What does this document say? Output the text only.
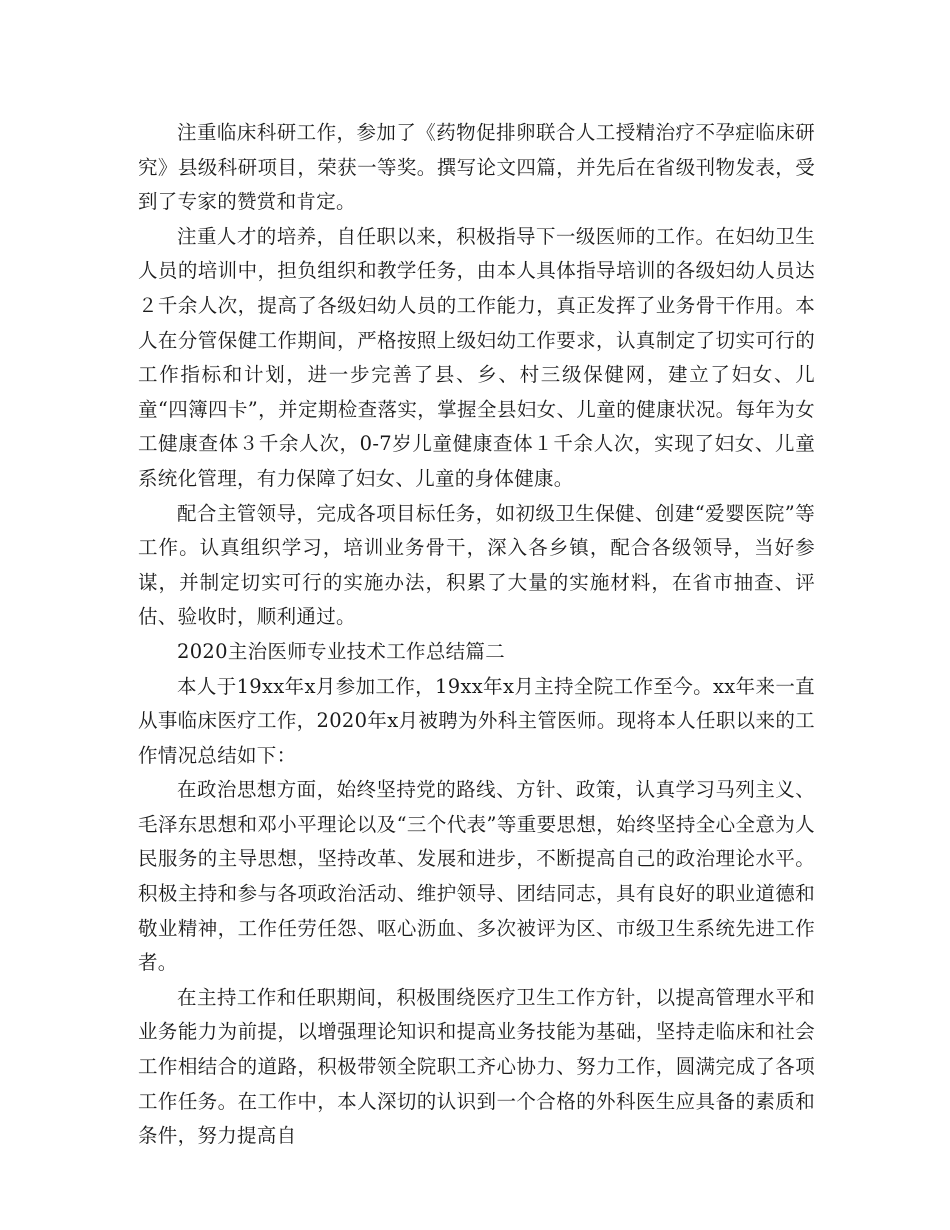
注重临床科研工作，参加了《药物促排卵联合人工授精治疗不孕症临床研究》县级科研项目，荣获一等奖。撰写论文四篇，并先后在省级刊物发表，受到了专家的赞赏和肯定。

注重人才的培养，自任职以来，积极指导下一级医师的工作。在妇幼卫生人员的培训中，担负组织和教学任务，由本人具体指导培训的各级妇幼人员达２千余人次，提高了各级妇幼人员的工作能力，真正发挥了业务骨干作用。本人在分管保健工作期间，严格按照上级妇幼工作要求，认真制定了切实可行的工作指标和计划，进一步完善了县、乡、村三级保健网，建立了妇女、儿童“四簿四卡”，并定期检查落实，掌握全县妇女、儿童的健康状况。每年为女工健康查体３千余人次，0-7岁儿童健康查体１千余人次，实现了妇女、儿童系统化管理，有力保障了妇女、儿童的身体健康。

配合主管领导，完成各项目标任务，如初级卫生保健、创建“爱婴医院”等工作。认真组织学习，培训业务骨干，深入各乡镇，配合各级领导，当好参谋，并制定切实可行的实施办法，积累了大量的实施材料，在省市抽查、评估、验收时，顺利通过。

2020主治医师专业技术工作总结篇二

本人于19xx年x月参加工作，19xx年x月主持全院工作至今。xx年来一直从事临床医疗工作，2020年x月被聘为外科主管医师。现将本人任职以来的工作情况总结如下：

在政治思想方面，始终坚持党的路线、方针、政策，认真学习马列主义、毛泽东思想和邓小平理论以及“三个代表”等重要思想，始终坚持全心全意为人民服务的主导思想，坚持改革、发展和进步，不断提高自己的政治理论水平。积极主持和参与各项政治活动、维护领导、团结同志，具有良好的职业道德和敬业精神，工作任劳任怨、呕心沥血、多次被评为区、市级卫生系统先进工作者。

在主持工作和任职期间，积极围绕医疗卫生工作方针，以提高管理水平和业务能力为前提，以增强理论知识和提高业务技能为基础，坚持走临床和社会工作相结合的道路，积极带领全院职工齐心协力、努力工作，圆满完成了各项工作任务。在工作中，本人深切的认识到一个合格的外科医生应具备的素质和条件，努力提高自
